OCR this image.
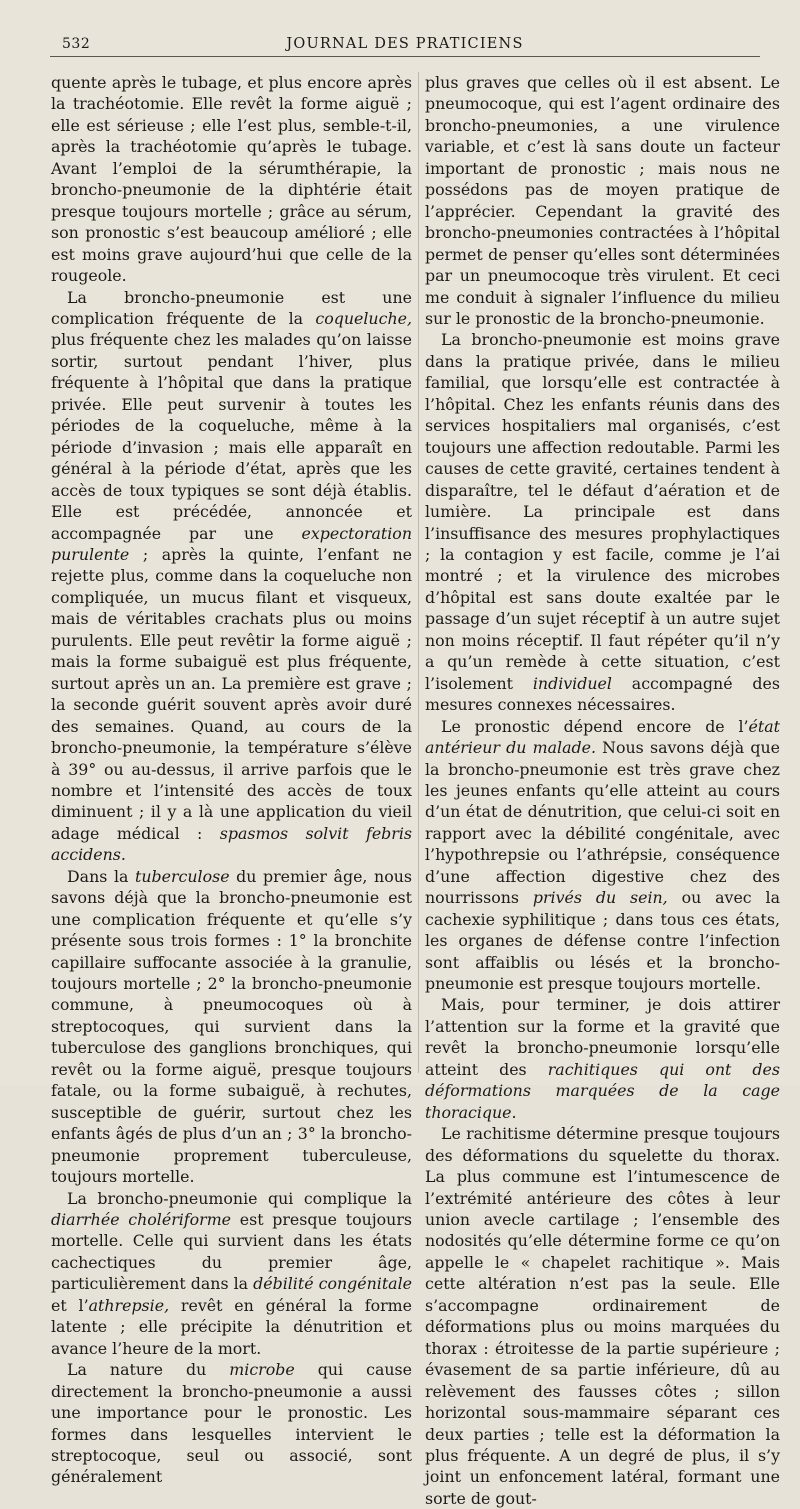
532	JOURNAL DES PRATICIENS

quente après le tubage, et plus encore après la trachéotomie. Elle revêt la forme aiguë ; elle est sérieuse ; elle l’est plus, semble-t-il, après la trachéotomie qu’après le tubage. Avant l’emploi de la sérumthérapie, la broncho-pneumonie de la diphtérie était presque toujours mortelle ; grâce au sérum, son pronostic s’est beaucoup amélioré ; elle est moins grave aujourd’hui que celle de la rougeole.

La broncho-pneumonie est une complication fréquente de la coqueluche, plus fréquente chez les malades qu’on laisse sortir, surtout pendant l’hiver, plus fréquente à l’hôpital que dans la pratique privée. Elle peut survenir à toutes les périodes de la coqueluche, même à la période d’invasion ; mais elle apparaît en général à la période d’état, après que les accès de toux typiques se sont déjà établis. Elle est précédée, annoncée et accompagnée par une expectoration purulente ; après la quinte, l’enfant ne rejette plus, comme dans la coqueluche non compliquée, un mucus filant et visqueux, mais de véritables crachats plus ou moins purulents. Elle peut revêtir la forme aiguë ; mais la forme subaiguë est plus fréquente, surtout après un an. La première est grave ; la seconde guérit souvent après avoir duré des semaines. Quand, au cours de la broncho-pneumonie, la température s’élève à 39° ou au-dessus, il arrive parfois que le nombre et l’intensité des accès de toux diminuent ; il y a là une application du vieil adage médical : spasmos solvit febris accidens.

Dans la tuberculose du premier âge, nous savons déjà que la broncho-pneumonie est une complication fréquente et qu’elle s’y présente sous trois formes : 1° la bronchite capillaire suffocante associée à la granulie, toujours mortelle ; 2° la broncho-pneumonie commune, à pneumocoques où à streptocoques, qui survient dans la tuberculose des ganglions bronchiques, qui revêt ou la forme aiguë, presque toujours fatale, ou la forme subaiguë, à rechutes, susceptible de guérir, surtout chez les enfants âgés de plus d’un an ; 3° la broncho-pneumonie proprement tuberculeuse, toujours mortelle.

La broncho-pneumonie qui complique la diarrhée cholériforme est presque toujours mortelle. Celle qui survient dans les états cachectiques du premier âge, particulièrement dans la débilité congénitale et l’athrepsie, revêt en général la forme latente ; elle précipite la dénutrition et avance l’heure de la mort.

La nature du microbe qui cause directement la broncho-pneumonie a aussi une importance pour le pronostic. Les formes dans lesquelles intervient le streptocoque, seul ou associé, sont généralement

plus graves que celles où il est absent. Le pneumocoque, qui est l’agent ordinaire des broncho-pneumonies, a une virulence variable, et c’est là sans doute un facteur important de pronostic ; mais nous ne possédons pas de moyen pratique de l’apprécier. Cependant la gravité des broncho-pneumonies contractées à l’hôpital permet de penser qu’elles sont déterminées par un pneumocoque très virulent. Et ceci me conduit à signaler l’influence du milieu sur le pronostic de la broncho-pneumonie.

La broncho-pneumonie est moins grave dans la pratique privée, dans le milieu familial, que lorsqu’elle est contractée à l’hôpital. Chez les enfants réunis dans des services hospitaliers mal organisés, c’est toujours une affection redoutable. Parmi les causes de cette gravité, certaines tendent à disparaître, tel le défaut d’aération et de lumière. La principale est dans l’insuffisance des mesures prophylactiques ; la contagion y est facile, comme je l’ai montré ; et la virulence des microbes d’hôpital est sans doute exaltée par le passage d’un sujet réceptif à un autre sujet non moins réceptif. Il faut répéter qu’il n’y a qu’un remède à cette situation, c’est l’isolement individuel accompagné des mesures connexes nécessaires.

Le pronostic dépend encore de l’état antérieur du malade. Nous savons déjà que la broncho-pneumonie est très grave chez les jeunes enfants qu’elle atteint au cours d’un état de dénutrition, que celui-ci soit en rapport avec la débilité congénitale, avec l’hypothrepsie ou l’athrépsie, conséquence d’une affection digestive chez des nourrissons privés du sein, ou avec la cachexie syphilitique ; dans tous ces états, les organes de défense contre l’infection sont affaiblis ou lésés et la broncho-pneumonie est presque toujours mortelle.

Mais, pour terminer, je dois attirer l’attention sur la forme et la gravité que revêt la broncho-pneumonie lorsqu’elle atteint des rachitiques qui ont des déformations marquées de la cage thoracique.

Le rachitisme détermine presque toujours des déformations du squelette du thorax. La plus commune est l’intumescence de l’extrémité antérieure des côtes à leur union avecle cartilage ; l’ensemble des nodosités qu’elle détermine forme ce qu’on appelle le « chapelet rachitique ». Mais cette altération n’est pas la seule. Elle s’accompagne ordinairement de déformations plus ou moins marquées du thorax : étroitesse de la partie supérieure ; évasement de sa partie inférieure, dû au relèvement des fausses côtes ; sillon horizontal sous-mammaire séparant ces deux parties ; telle est la déformation la plus fréquente. A un degré de plus, il s’y joint un enfoncement latéral, formant une sorte de gout-
